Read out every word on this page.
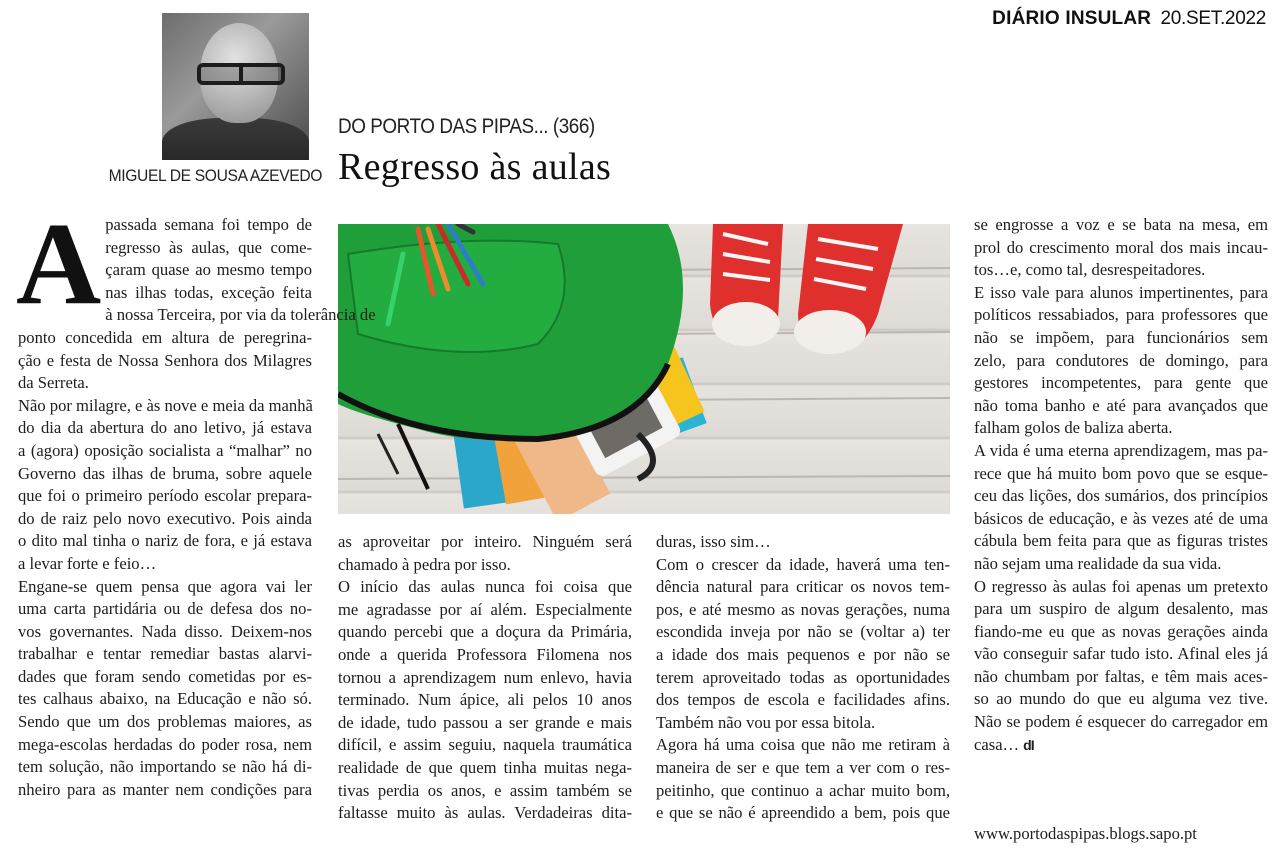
DIÁRIO INSULAR 20.SET.2022
MIGUEL DE SOUSA AZEVEDO
DO PORTO DAS PIPAS... (366)
Regresso às aulas
A passada semana foi tempo de
regresso às aulas, que come-
çaram quase ao mesmo tempo
nas ilhas todas, exceção feita
à nossa Terceira, por via da tolerância de
ponto concedida em altura de peregrina-
ção e festa de Nossa Senhora dos Milagres
da Serreta.
Não por milagre, e às nove e meia da manhã
do dia da abertura do ano letivo, já estava
a (agora) oposição socialista a “malhar” no
Governo das ilhas de bruma, sobre aquele
que foi o primeiro período escolar prepara-
do de raiz pelo novo executivo. Pois ainda
o dito mal tinha o nariz de fora, e já estava
a levar forte e feio…
Engane-se quem pensa que agora vai ler
uma carta partidária ou de defesa dos no-
vos governantes. Nada disso. Deixem-nos
trabalhar e tentar remediar bastas alarvi-
dades que foram sendo cometidas por es-
tes calhaus abaixo, na Educação e não só.
Sendo que um dos problemas maiores, as
mega-escolas herdadas do poder rosa, nem
tem solução, não importando se não há di-
nheiro para as manter nem condições para
as aproveitar por inteiro. Ninguém será
chamado à pedra por isso.
O início das aulas nunca foi coisa que
me agradasse por aí além. Especialmente
quando percebi que a doçura da Primária,
onde a querida Professora Filomena nos
tornou a aprendizagem num enlevo, havia
terminado. Num ápice, ali pelos 10 anos
de idade, tudo passou a ser grande e mais
difícil, e assim seguiu, naquela traumática
realidade de que quem tinha muitas nega-
tivas perdia os anos, e assim também se
faltasse muito às aulas. Verdadeiras dita-
duras, isso sim…
Com o crescer da idade, haverá uma ten-
dência natural para criticar os novos tem-
pos, e até mesmo as novas gerações, numa
escondida inveja por não se (voltar a) ter
a idade dos mais pequenos e por não se
terem aproveitado todas as oportunidades
dos tempos de escola e facilidades afins.
Também não vou por essa bitola.
Agora há uma coisa que não me retiram à
maneira de ser e que tem a ver com o res-
peitinho, que continuo a achar muito bom,
e que se não é apreendido a bem, pois que
se engrosse a voz e se bata na mesa, em
prol do crescimento moral dos mais incau-
tos…e, como tal, desrespeitadores.
E isso vale para alunos impertinentes, para
políticos ressabiados, para professores que
não se impõem, para funcionários sem
zelo, para condutores de domingo, para
gestores incompetentes, para gente que
não toma banho e até para avançados que
falham golos de baliza aberta.
A vida é uma eterna aprendizagem, mas pa-
rece que há muito bom povo que se esque-
ceu das lições, dos sumários, dos princípios
básicos de educação, e às vezes até de uma
cábula bem feita para que as figuras tristes
não sejam uma realidade da sua vida.
O regresso às aulas foi apenas um pretexto
para um suspiro de algum desalento, mas
fiando-me eu que as novas gerações ainda
vão conseguir safar tudo isto. Afinal eles já
não chumbam por faltas, e têm mais aces-
so ao mundo do que eu alguma vez tive.
Não se podem é esquecer do carregador em
casa… dI
www.portodaspipas.blogs.sapo.pt
